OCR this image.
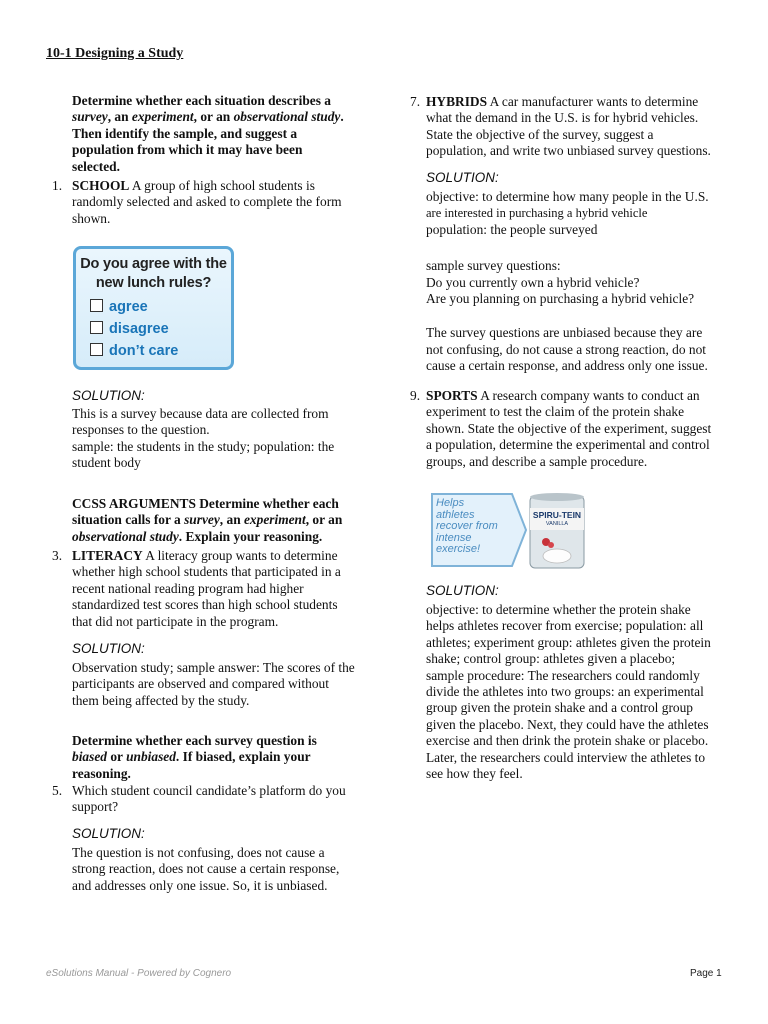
10-1 Designing a Study
Determine whether each situation describes a
survey, an experiment, or an observational study.
Then identify the sample, and suggest a
population from which it may have been
selected.
1. SCHOOL A group of high school students is
randomly selected and asked to complete the form
shown.
Do you agree with the
new lunch rules?
agree
disagree
don’t care
SOLUTION:
This is a survey because data are collected from
responses to the question.
sample: the students in the study; population: the
student body
CCSS ARGUMENTS Determine whether each
situation calls for a survey, an experiment, or an
observational study. Explain your reasoning.
3. LITERACY A literacy group wants to determine
whether high school students that participated in a
recent national reading program had higher
standardized test scores than high school students
that did not participate in the program.
SOLUTION:
Observation study; sample answer: The scores of the
participants are observed and compared without
them being affected by the study.
Determine whether each survey question is
biased or unbiased. If biased, explain your
reasoning.
5. Which student council candidate’s platform do you
support?
SOLUTION:
The question is not confusing, does not cause a
strong reaction, does not cause a certain response,
and addresses only one issue. So, it is unbiased.
7. HYBRIDS A car manufacturer wants to determine
what the demand in the U.S. is for hybrid vehicles.
State the objective of the survey, suggest a
population, and write two unbiased survey questions.
SOLUTION:
objective: to determine how many people in the U.S.
are interested in purchasing a hybrid vehicle
population: the people surveyed
sample survey questions:
Do you currently own a hybrid vehicle?
Are you planning on purchasing a hybrid vehicle?
The survey questions are unbiased because they are
not confusing, do not cause a strong reaction, do not
cause a certain response, and address only one issue.
9. SPORTS A research company wants to conduct an
experiment to test the claim of the protein shake
shown. State the objective of the experiment, suggest
a population, determine the experimental and control
groups, and describe a sample procedure.
Helps
athletes
recover from
intense
exercise!
SPIRU-TEIN
VANILLA
SOLUTION:
objective: to determine whether the protein shake
helps athletes recover from exercise; population: all
athletes; experiment group: athletes given the protein
shake; control group: athletes given a placebo;
sample procedure: The researchers could randomly
divide the athletes into two groups: an experimental
group given the protein shake and a control group
given the placebo. Next, they could have the athletes
exercise and then drink the protein shake or placebo.
Later, the researchers could interview the athletes to
see how they feel.
eSolutions Manual - Powered by Cognero	Page 1
